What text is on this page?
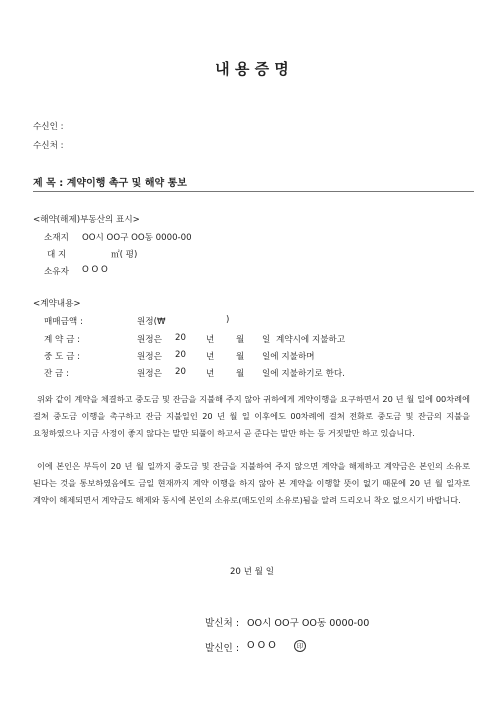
내 용 증 명
수신인 :
수신처 :
제 목 : 계약이행 촉구 및 해약 통보
<해약(해제)부동산의 표시>
소재지 OO시 OO구 OO동 0000-00
대 지	㎡( 평)
소유자 O O O
<계약내용>
매매금액 :	원정(₩	)
계 약 금 :	원정은 20 년	월 일 계약시에 지불하고
중 도 금 :	원정은 20 년	월 일에 지불하며
잔 금 :	원정은 20 년	월 일에 지불하기로 한다.
위와 같이 계약을 체결하고 중도금 및 잔금을 지불해 주지 않아 귀하에게 계약이행을 요구하면서 20 년 월 일에 00차례에 걸쳐 중도금 이행을 촉구하고 잔금 지불일인 20 년 월 일 이후에도 00차례에 걸쳐 전화로 중도금 및 잔금의 지불을 요청하였으나 지금 사정이 좋지 않다는 말만 되풀이 하고서 곧 준다는 말만 하는 등 거짓말만 하고 있습니다.
이에 본인은 부득이 20 년 월 일까지 중도금 및 잔금을 지불하여 주지 않으면 계약을 해제하고 계약금은 본인의 소유로 된다는 것을 통보하였음에도 금일 현재까지 계약 이행을 하지 않아 본 계약을 이행할 뜻이 없기 때문에 20 년 월 일자로 계약이 해제되면서 계약금도 해제와 동시에 본인의 소유로(매도인의 소유로)됨을 알려 드리오니 착오 없으시기 바랍니다.
20 년 월 일
발신처 : OO시 OO구 OO동 0000-00
발신인 : O O O	印
